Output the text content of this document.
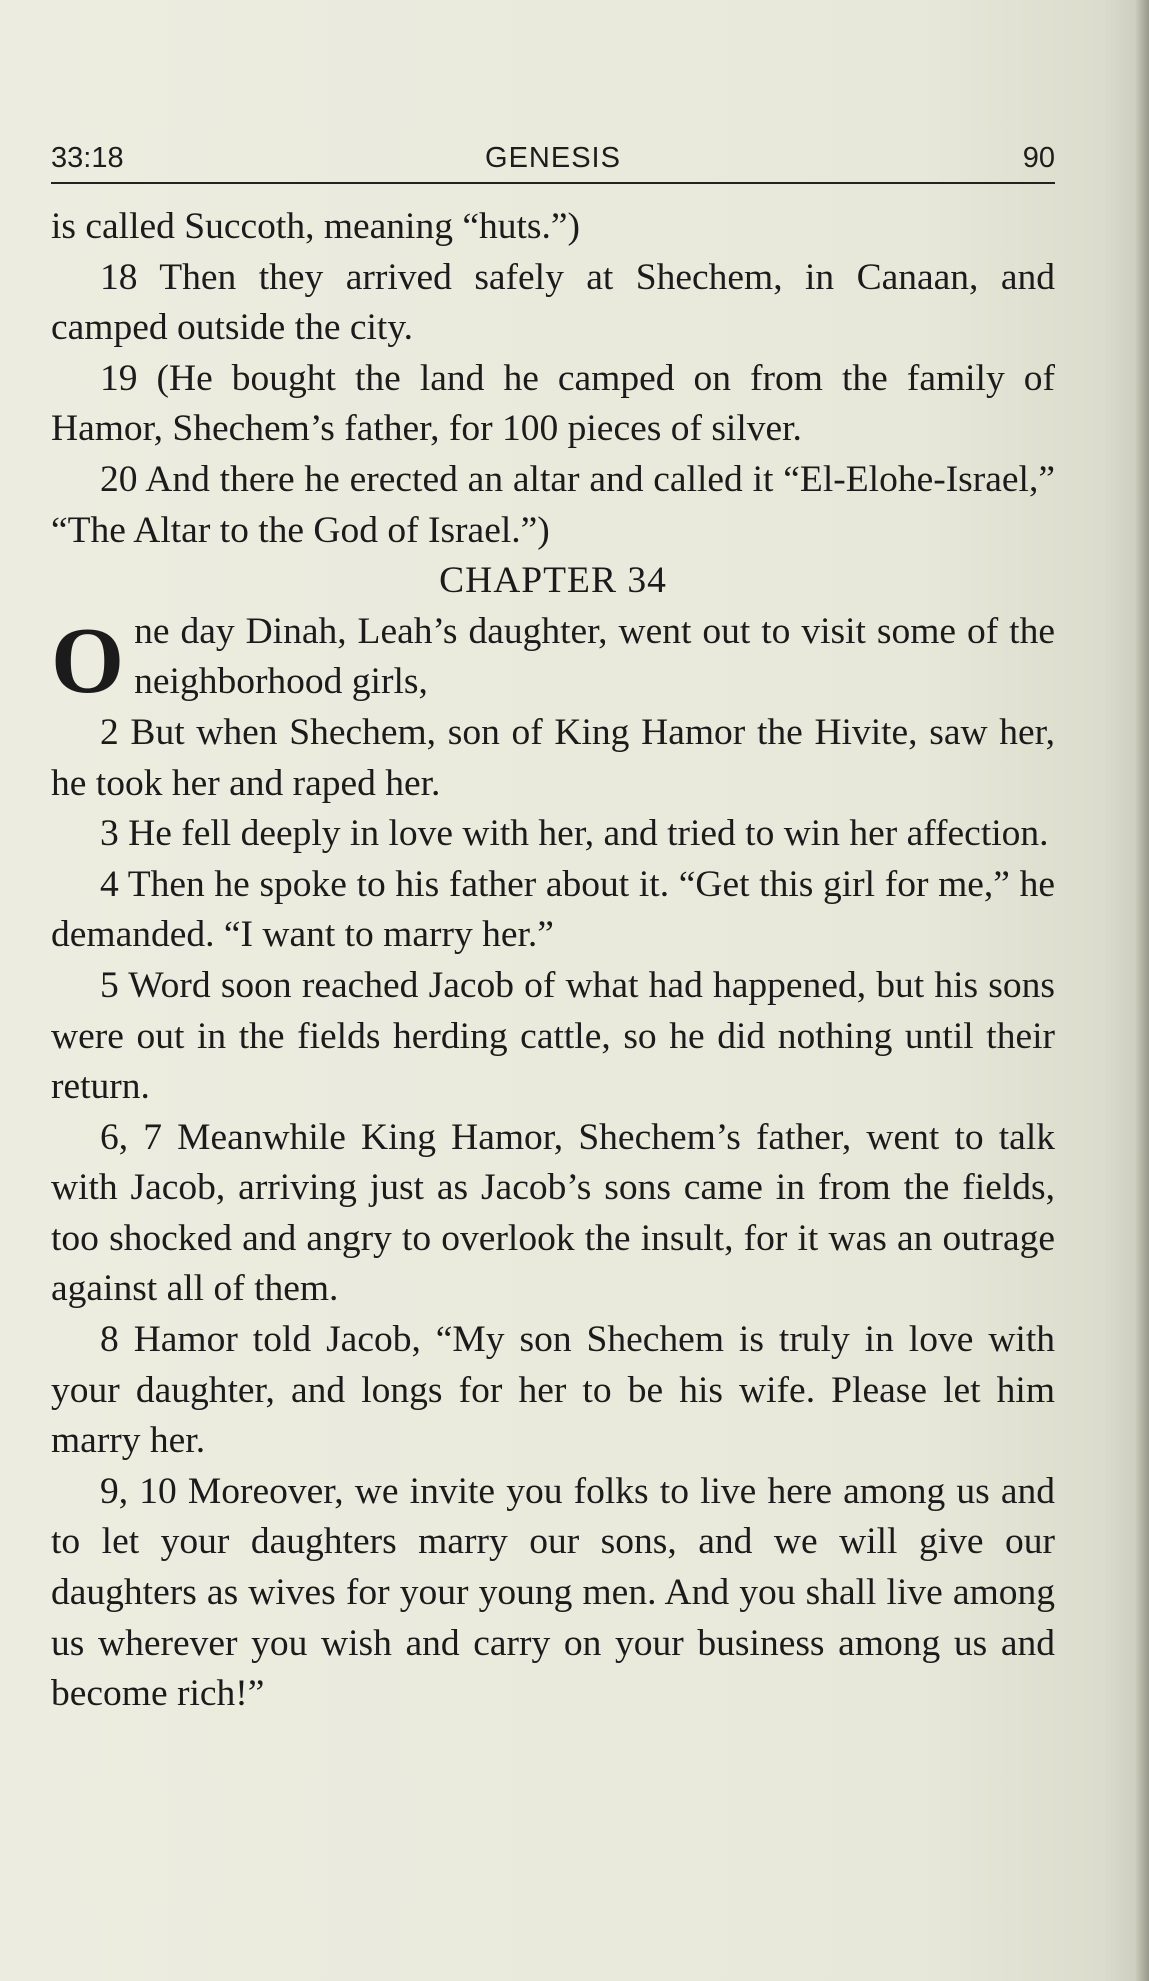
GENESIS
33:18	90

is called Succoth, meaning “huts.”)

18 Then they arrived safely at Shechem, in Canaan, and camped outside the city.

19 (He bought the land he camped on from the family of Hamor, Shechem’s father, for 100 pieces of silver.

20 And there he erected an altar and called it “El-Elohe-Israel,” “The Altar to the God of Israel.”)

CHAPTER 34

One day Dinah, Leah’s daughter, went out to visit some of the neighborhood girls,

2 But when Shechem, son of King Hamor the Hivite, saw her, he took her and raped her.

3 He fell deeply in love with her, and tried to win her affection.

4 Then he spoke to his father about it. “Get this girl for me,” he demanded. “I want to marry her.”

5 Word soon reached Jacob of what had happened, but his sons were out in the fields herding cattle, so he did nothing until their return.

6, 7 Meanwhile King Hamor, Shechem’s father, went to talk with Jacob, arriving just as Jacob’s sons came in from the fields, too shocked and angry to overlook the insult, for it was an outrage against all of them.

8 Hamor told Jacob, “My son Shechem is truly in love with your daughter, and longs for her to be his wife. Please let him marry her.

9, 10 Moreover, we invite you folks to live here among us and to let your daughters marry our sons, and we will give our daughters as wives for your young men. And you shall live among us wherever you wish and carry on your business among us and become rich!”
